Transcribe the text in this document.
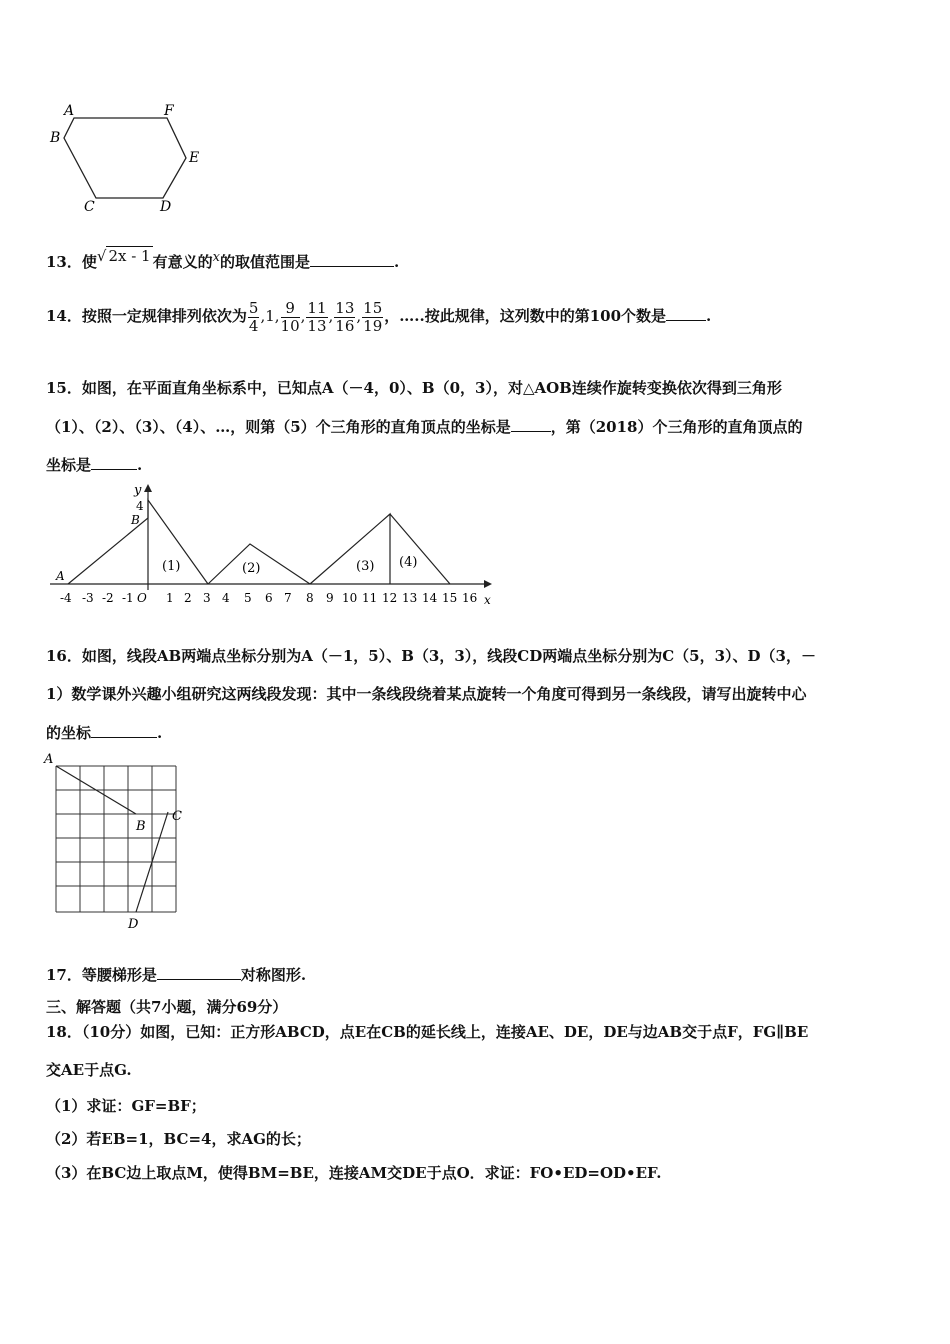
A	F
B
E
C	D
13．使√ 2x - 1 有意义的x的取值范围是	.
14．按照一定规律排列依次为 $\frac{5}{4} ,1$, $\frac{9}{10}$ , $\frac{11}{13}$ , $\frac{13}{16}$ , $\frac{15}{19}$ ，…..按此规律，这列数中的第100个数是	.
15．如图，在平面直角坐标系中，已知点A（－4，0）、B（0，3），对△AOB连续作旋转变换依次得到三角形
（1）、（2）、（3）、（4）、…，则第（5）个三角形的直角顶点的坐标是	，第（2018）个三角形的直角顶点的
坐标是	.
x
y
4
B
A
(1)	(2)	(3) (4)
-4 -3 -2 -1 O 1 2 3 4 5 6 7 8 9 10 11 12 13 14 15 16
16．如图，线段AB两端点坐标分别为A（－1，5）、B（3，3），线段CD两端点坐标分别为C（5，3）、D（3，－
1）数学课外兴趣小组研究这两线段发现：其中一条线段绕着某点旋转一个角度可得到另一条线段，请写出旋转中心
的坐标	.
A
B
C
D
17．等腰梯形是	对称图形.
三、解答题（共7小题，满分69分）
18．（10分）如图，已知：正方形ABCD，点E在CB的延长线上，连接AE、DE，DE与边AB交于点F，FG∥BE
交AE于点G.
（1）求证：GF=BF；
（2）若EB=1，BC=4，求AG的长；
（3）在BC边上取点M，使得BM=BE，连接AM交DE于点O．求证：FO•ED=OD•EF.
